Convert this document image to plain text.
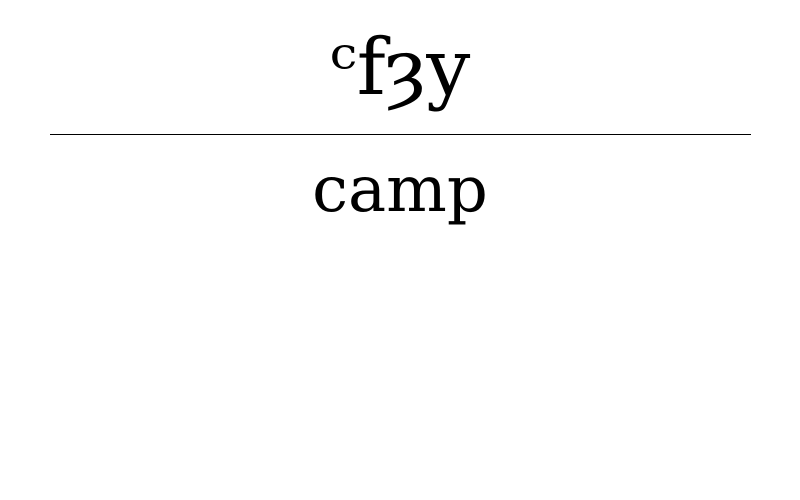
ᶜfȝy
camp
